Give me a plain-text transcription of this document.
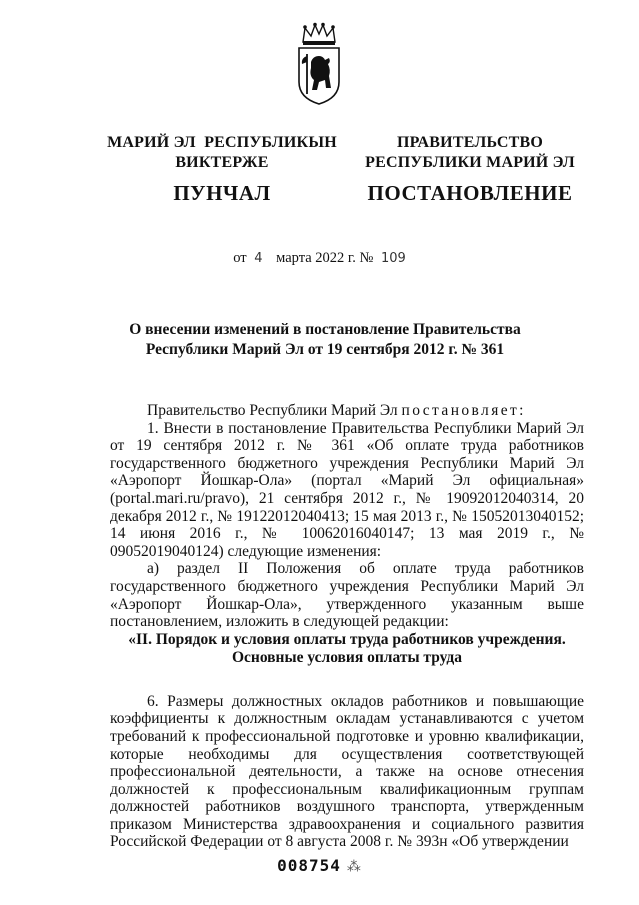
МАРИЙ ЭЛ  РЕСПУБЛИКЫН
ВИКТЕРЖЕ
ПУНЧАЛ
ПРАВИТЕЛЬСТВО
РЕСПУБЛИКИ МАРИЙ ЭЛ
ПОСТАНОВЛЕНИЕ
от 4 марта 2022 г. № 109
О внесении изменений в постановление Правительства
Республики Марий Эл от 19 сентября 2012 г. № 361

Правительство Республики Марий Эл постановляет:

1. Внести в постановление Правительства Республики Марий Эл от 19 сентября 2012 г. № 361 «Об оплате труда работников государственного бюджетного учреждения Республики Марий Эл «Аэропорт Йошкар-Ола» (портал «Марий Эл официальная» (portal.mari.ru/pravo), 21 сентября 2012 г., № 19092012040314, 20 декабря 2012 г., № 19122012040413; 15 мая 2013 г., № 15052013040152; 14 июня 2016 г., № 10062016040147; 13 мая 2019 г., № 09052019040124) следующие изменения:

а) раздел II Положения об оплате труда работников государственного бюджетного учреждения Республики Марий Эл «Аэропорт Йошкар-Ола», утвержденного указанным выше постановлением, изложить в следующей редакции:

«II. Порядок и условия оплаты труда работников учреждения.

Основные условия оплаты труда

6. Размеры должностных окладов работников и повышающие коэффициенты к должностным окладам устанавливаются с учетом требований к профессиональной подготовке и уровню квалификации, которые необходимы для осуществления соответствующей профессиональной деятельности, а также на основе отнесения должностей к профессиональным квалификационным группам должностей работников воздушного транспорта, утвержденным приказом Министерства здравоохранения и социального развития Российской Федерации от 8 августа 2008 г. № 393н «Об утверждении

008754 ⁂
